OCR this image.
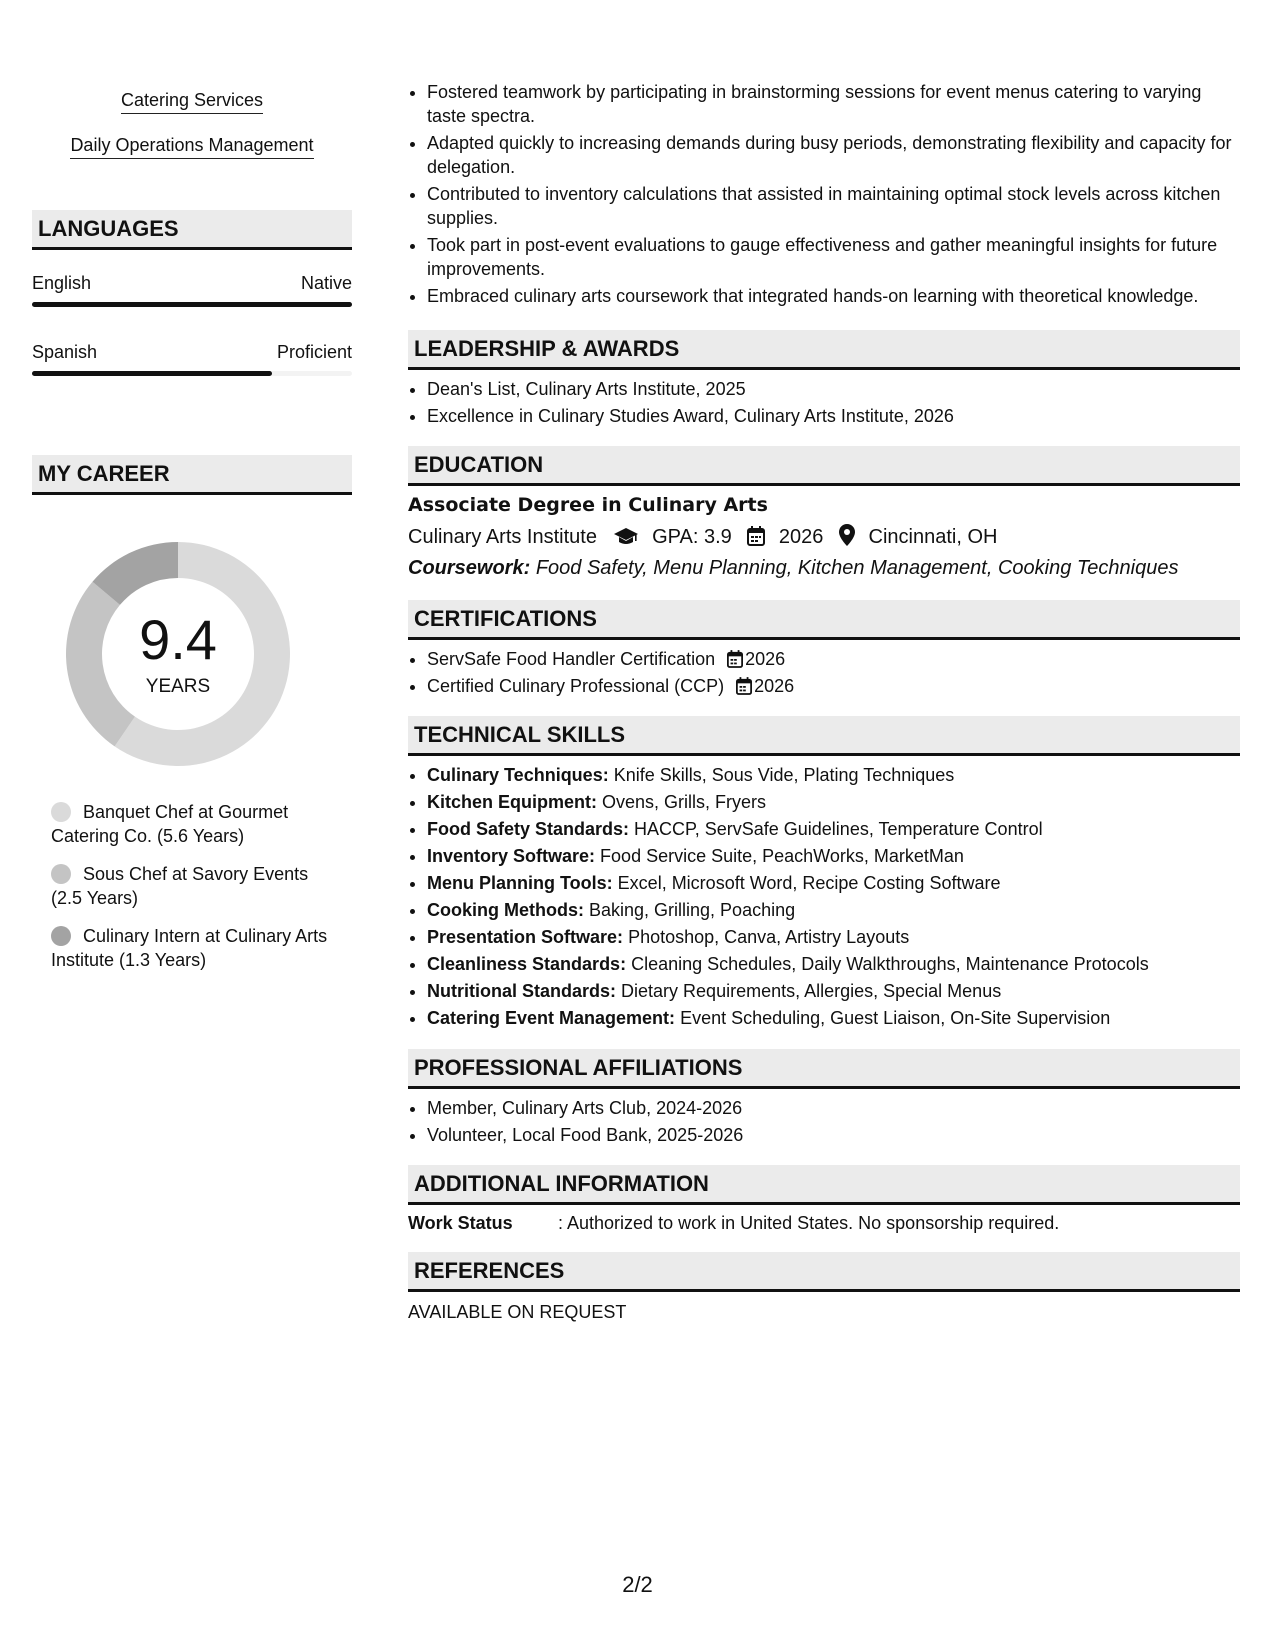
Catering Services
Daily Operations Management
LANGUAGES
English	Native
Spanish	Proficient
MY CAREER
9.4
YEARS
Banquet Chef at Gourmet Catering Co. (5.6 Years)
Sous Chef at Savory Events (2.5 Years)
Culinary Intern at Culinary Arts Institute (1.3 Years)
• Fostered teamwork by participating in brainstorming sessions for event menus catering to varying taste spectra.
• Adapted quickly to increasing demands during busy periods, demonstrating flexibility and capacity for delegation.
• Contributed to inventory calculations that assisted in maintaining optimal stock levels across kitchen supplies.
• Took part in post-event evaluations to gauge effectiveness and gather meaningful insights for future improvements.
• Embraced culinary arts coursework that integrated hands-on learning with theoretical knowledge.
LEADERSHIP & AWARDS
• Dean's List, Culinary Arts Institute, 2025
• Excellence in Culinary Studies Award, Culinary Arts Institute, 2026
EDUCATION
Associate Degree in Culinary Arts
Culinary Arts Institute	GPA: 3.9 2026 Cincinnati, OH
Coursework: Food Safety, Menu Planning, Kitchen Management, Cooking Techniques
CERTIFICATIONS
• ServSafe Food Handler Certification 2026
• Certified Culinary Professional (CCP) 2026
TECHNICAL SKILLS
• Culinary Techniques: Knife Skills, Sous Vide, Plating Techniques
• Kitchen Equipment: Ovens, Grills, Fryers
• Food Safety Standards: HACCP, ServSafe Guidelines, Temperature Control
• Inventory Software: Food Service Suite, PeachWorks, MarketMan
• Menu Planning Tools: Excel, Microsoft Word, Recipe Costing Software
• Cooking Methods: Baking, Grilling, Poaching
• Presentation Software: Photoshop, Canva, Artistry Layouts
• Cleanliness Standards: Cleaning Schedules, Daily Walkthroughs, Maintenance Protocols
• Nutritional Standards: Dietary Requirements, Allergies, Special Menus
• Catering Event Management: Event Scheduling, Guest Liaison, On-Site Supervision
PROFESSIONAL AFFILIATIONS
• Member, Culinary Arts Club, 2024-2026
• Volunteer, Local Food Bank, 2025-2026
ADDITIONAL INFORMATION
Work Status	: Authorized to work in United States. No sponsorship required.
REFERENCES
AVAILABLE ON REQUEST
2/2
